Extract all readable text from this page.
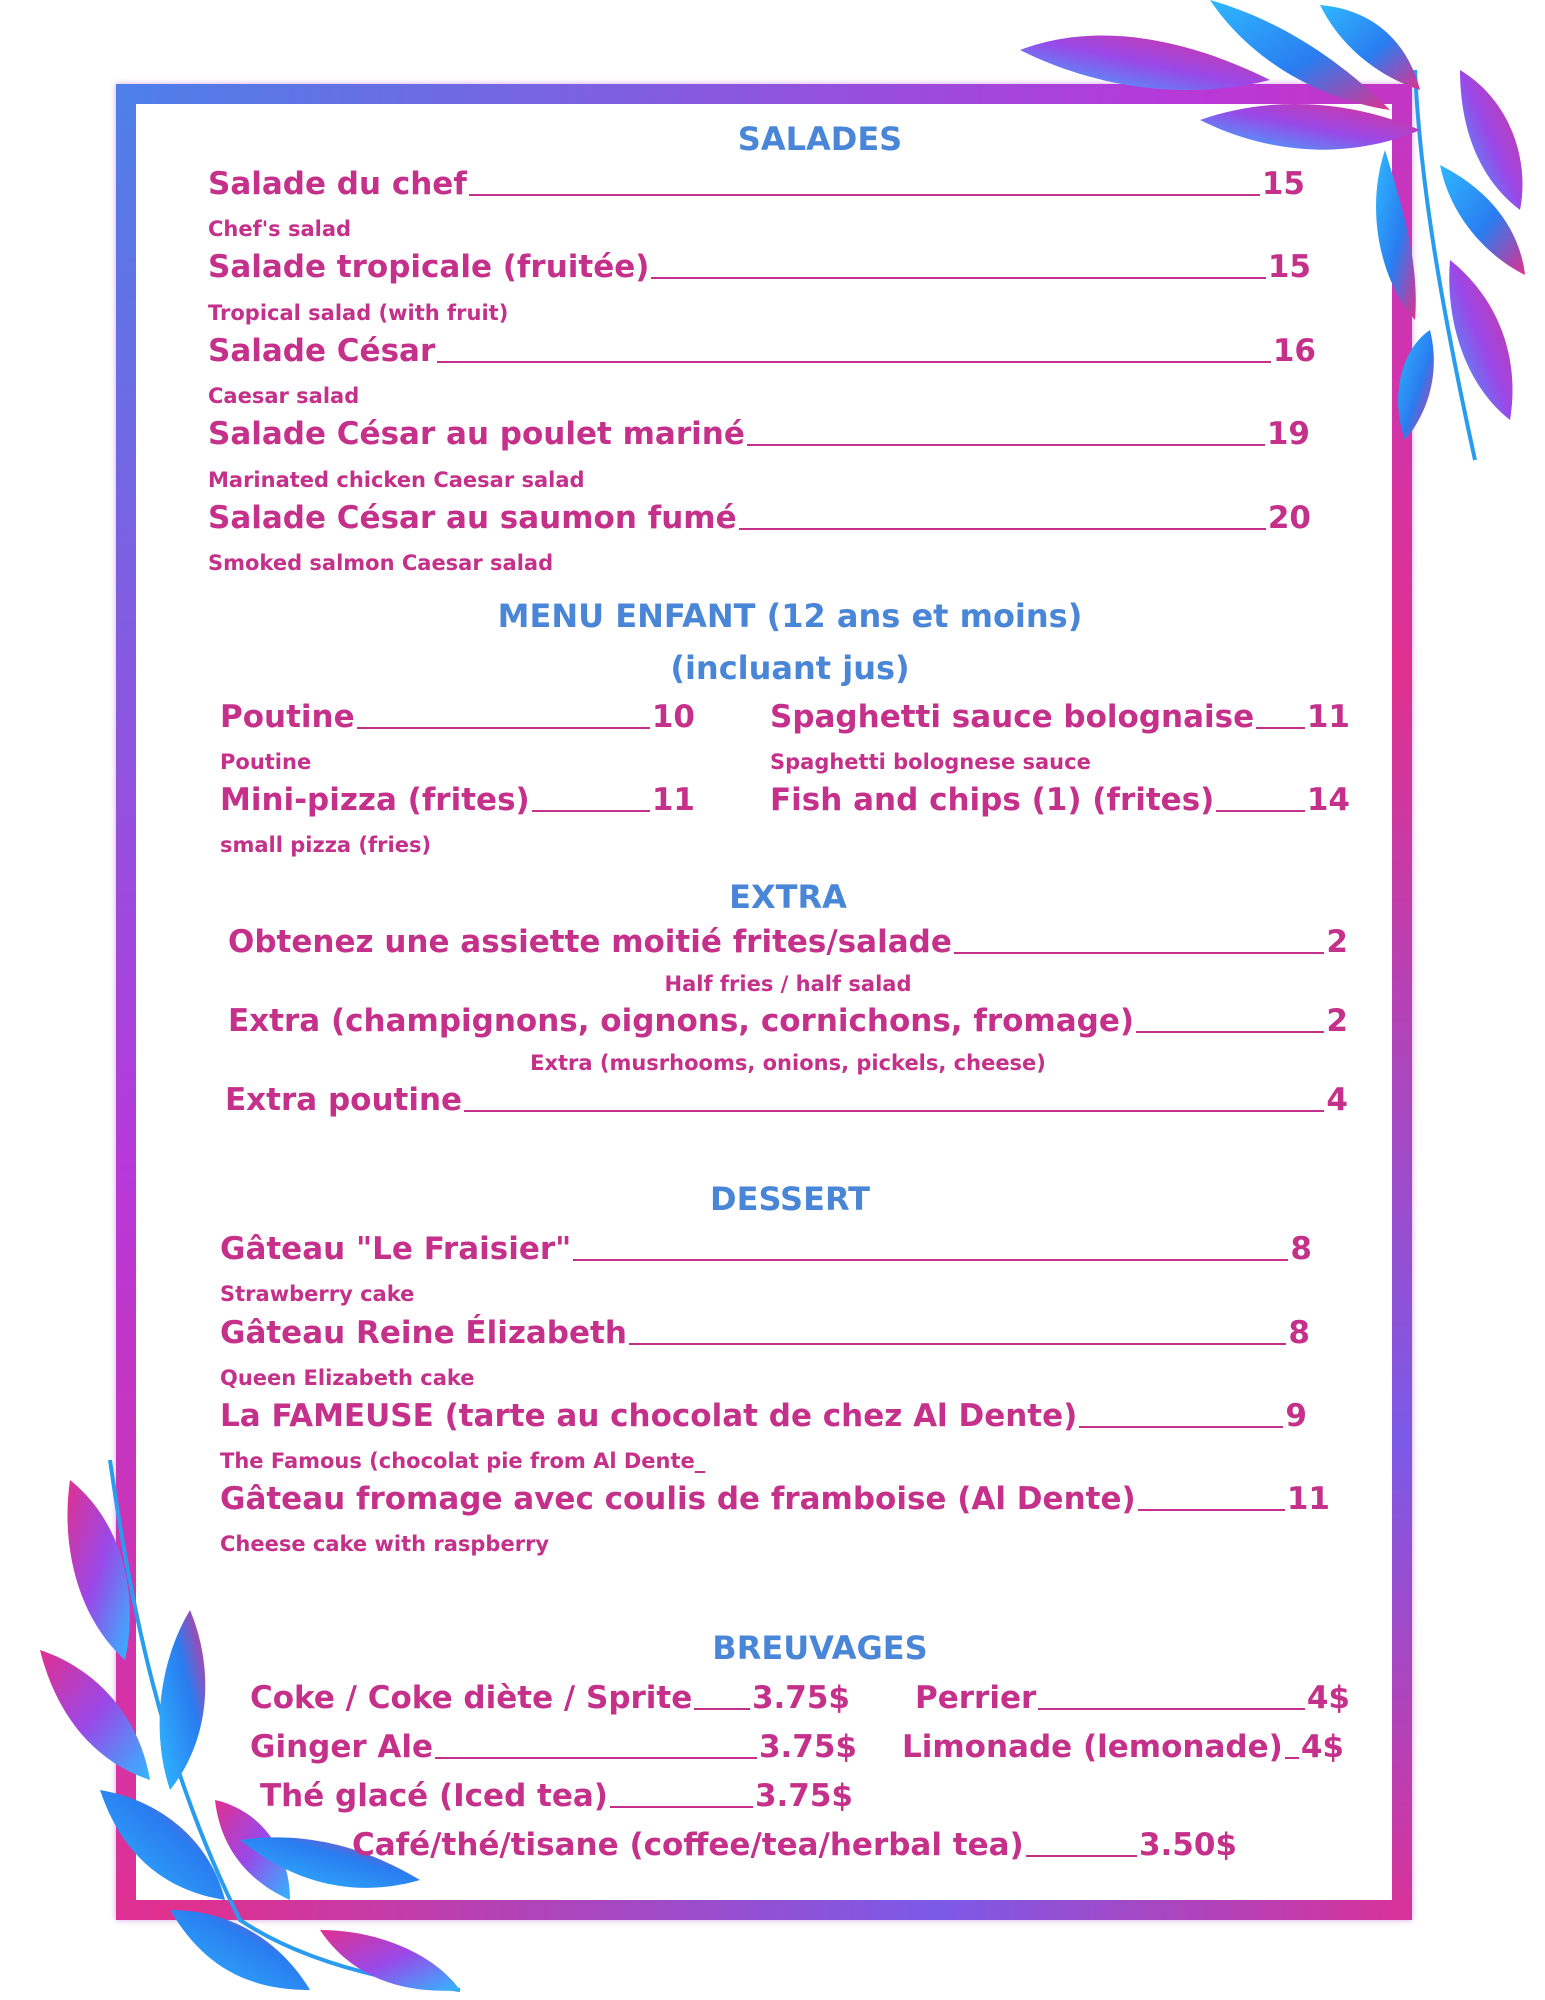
SALADES
Salade du chef	15
Chef's salad
Salade tropicale (fruitée)	15
Tropical salad (with fruit)
Salade César	16
Caesar salad
Salade César au poulet mariné	19
Marinated chicken Caesar salad
Salade César au saumon fumé	20
Smoked salmon Caesar salad
MENU ENFANT (12 ans et moins)
(incluant jus)
Poutine	10
Poutine
Spaghetti sauce bolognaise 11
Spaghetti bolognese sauce
Mini-pizza (frites)	11
small pizza (fries)
Fish and chips (1) (frites)	14
EXTRA
Obtenez une assiette moitié frites/salade	2
Half fries / half salad
Extra (champignons, oignons, cornichons, fromage)	2
Extra (musrhooms, onions, pickels, cheese)
Extra poutine	4
DESSERT
Gâteau "Le Fraisier"	8
Strawberry cake
Gâteau Reine Élizabeth	8
Queen Elizabeth cake
La FAMEUSE (tarte au chocolat de chez Al Dente)	9
The Famous (chocolat pie from Al Dente_
Gâteau fromage avec coulis de framboise (Al Dente)	11
Cheese cake with raspberry
BREUVAGES
Coke / Coke diète / Sprite 3.75$ Perrier	4$
Ginger Ale	3.75$ Limonade (lemonade) 4$
Thé glacé (Iced tea)	3.75$
Café/thé/tisane (coffee/tea/herbal tea)	3.50$
